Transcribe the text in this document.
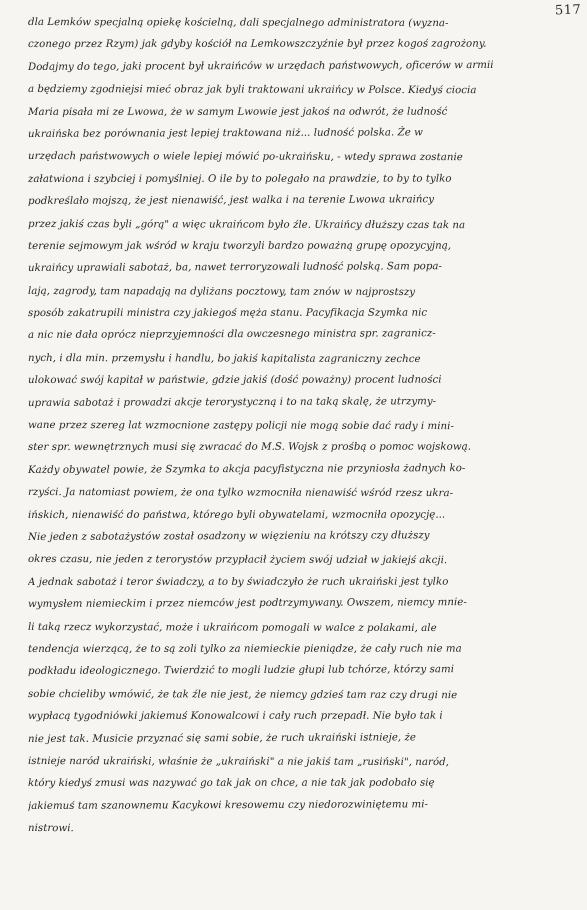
517
dla Lemków specjalną opiekę kościelną, dali specjalnego administratora (wyzna-
czonego przez Rzym) jak gdyby kościół na Lemkowszczyźnie był przez kogoś zagrożony.
Dodajmy do tego, jaki procent był ukraińców w urzędach państwowych, oficerów w armii
a będziemy zgodniejsi mieć obraz jak byli traktowani ukraińcy w Polsce. Kiedyś ciocia
Maria pisała mi ze Lwowa, że w samym Lwowie jest jakoś na odwrót, że ludność
ukraińska bez porównania jest lepiej traktowana niż... ludność polska. Że w
urzędach państwowych o wiele lepiej mówić po-ukraińsku, - wtedy sprawa zostanie
załatwiona i szybciej i pomyślniej. O ile by to polegało na prawdzie, to by to tylko
podkreślało mojszą, że jest nienawiść, jest walka i na terenie Lwowa ukraińcy
przez jakiś czas byli „górą" a więc ukraińcom było źle. Ukraińcy dłuższy czas tak na
terenie sejmowym jak wśród w kraju tworzyli bardzo poważną grupę opozycyjną,
ukraińcy uprawiali sabotaż, ba, nawet terroryzowali ludność polską. Sam popa-
lają, zagrody, tam napadają na dyliżans pocztowy, tam znów w najprostszy
sposób zakatrupili ministra czy jakiegoś męża stanu. Pacyfikacja Szymka nic
a nic nie dała oprócz nieprzyjemności dla owczesnego ministra spr. zagranicz-
nych, i dla min. przemysłu i handlu, bo jakiś kapitalista zagraniczny zechce
ulokować swój kapitał w państwie, gdzie jakiś (dość poważny) procent ludności
uprawia sabotaż i prowadzi akcje terorystyczną i to na taką skalę, że utrzymy-
wane przez szereg lat wzmocnione zastępy policji nie mogą sobie dać rady i mini-
ster spr. wewnętrznych musi się zwracać do M.S. Wojsk z prośbą o pomoc wojskową.
Każdy obywatel powie, że Szymka to akcja pacyfistyczna nie przyniosła żadnych ko-
rzyści. Ja natomiast powiem, że ona tylko wzmocniła nienawiść wśród rzesz ukra-
ińskich, nienawiść do państwa, którego byli obywatelami, wzmocniła opozycję...
Nie jeden z sabotażystów został osadzony w więzieniu na krótszy czy dłuższy
okres czasu, nie jeden z terorystów przypłacił życiem swój udział w jakiejś akcji.
A jednak sabotaż i teror świadczy, a to by świadczyło że ruch ukraiński jest tylko
wymysłem niemieckim i przez niemców jest podtrzymywany. Owszem, niemcy mnie-
li taką rzecz wykorzystać, może i ukraińcom pomogali w walce z polakami, ale
tendencja wierzącą, że to są zoli tylko za niemieckie pieniądze, że cały ruch nie ma
podkładu ideologicznego. Twierdzić to mogli ludzie głupi lub tchórze, którzy sami
sobie chcieliby wmówić, że tak źle nie jest, że niemcy gdzieś tam raz czy drugi nie
wypłacą tygodniówki jakiemuś Konowalcowi i cały ruch przepadł. Nie było tak i
nie jest tak. Musicie przyznać się sami sobie, że ruch ukraiński istnieje, że
istnieje naród ukraiński, właśnie że „ukraiński" a nie jakiś tam „rusiński", naród,
który kiedyś zmusi was nazywać go tak jak on chce, a nie tak jak podobało się
jakiemuś tam szanownemu Kacykowi kresowemu czy niedorozwiniętemu mi-
nistrowi.
